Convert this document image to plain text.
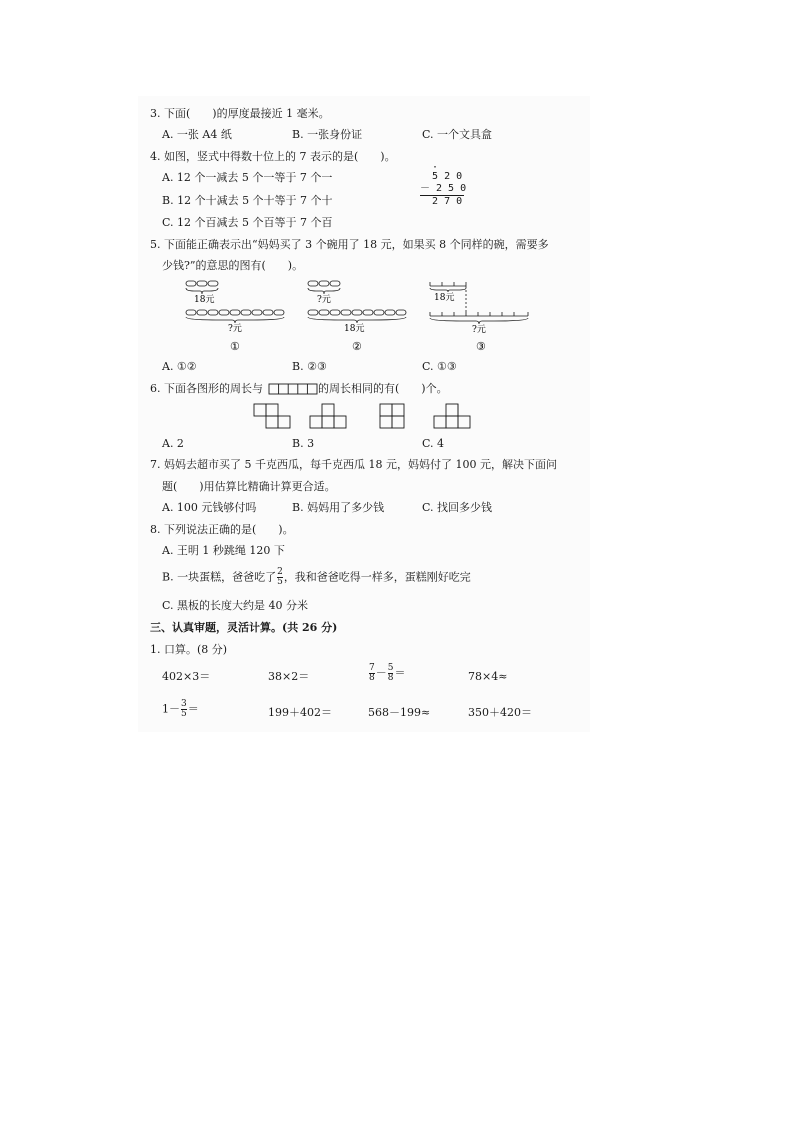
3. 下面(　　)的厚度最接近 1 毫米。
A. 一张 A4 纸	B. 一张身份证	C. 一个文具盒
4. 如图，竖式中得数十位上的 7 表示的是(　　)。
A. 12 个一减去 5 个一等于 7 个一
B. 12 个十减去 5 个十等于 7 个十
C. 12 个百减去 5 个百等于 7 个百
·
5 2 0
－ 2 5 0
2 7 0
5. 下面能正确表示出“妈妈买了 3 个碗用了 18 元，如果买 8 个同样的碗，需要多
少钱?”的意思的图有(　　)。
18元
?元
①
?元
18元
②
18元
?元
③
A. ①②	B. ②③	C. ①③
6. 下面各图形的周长与	的周长相同的有(　　)个。
A. 2	B. 3	C. 4
7. 妈妈去超市买了 5 千克西瓜，每千克西瓜 18 元，妈妈付了 100 元，解决下面问
题(　　)用估算比精确计算更合适。
A. 100 元钱够付吗	B. 妈妈用了多少钱	C. 找回多少钱
8. 下列说法正确的是(　　)。
A. 王明 1 秒跳绳 120 下
B. 一块蛋糕，爸爸吃了 $\frac{2}{5}$ ，我和爸爸吃得一样多，蛋糕刚好吃完
C. 黑板的长度大约是 40 分米
三、认真审题，灵活计算。(共 26 分)
1. 口算。(8 分)
402×3＝	38×2＝	$\frac{7}{8} - \frac{5}{8}$ ＝	78×4≈
$1- \frac{3}{5}$ ＝	199＋402＝	568－199≈	350＋420＝
